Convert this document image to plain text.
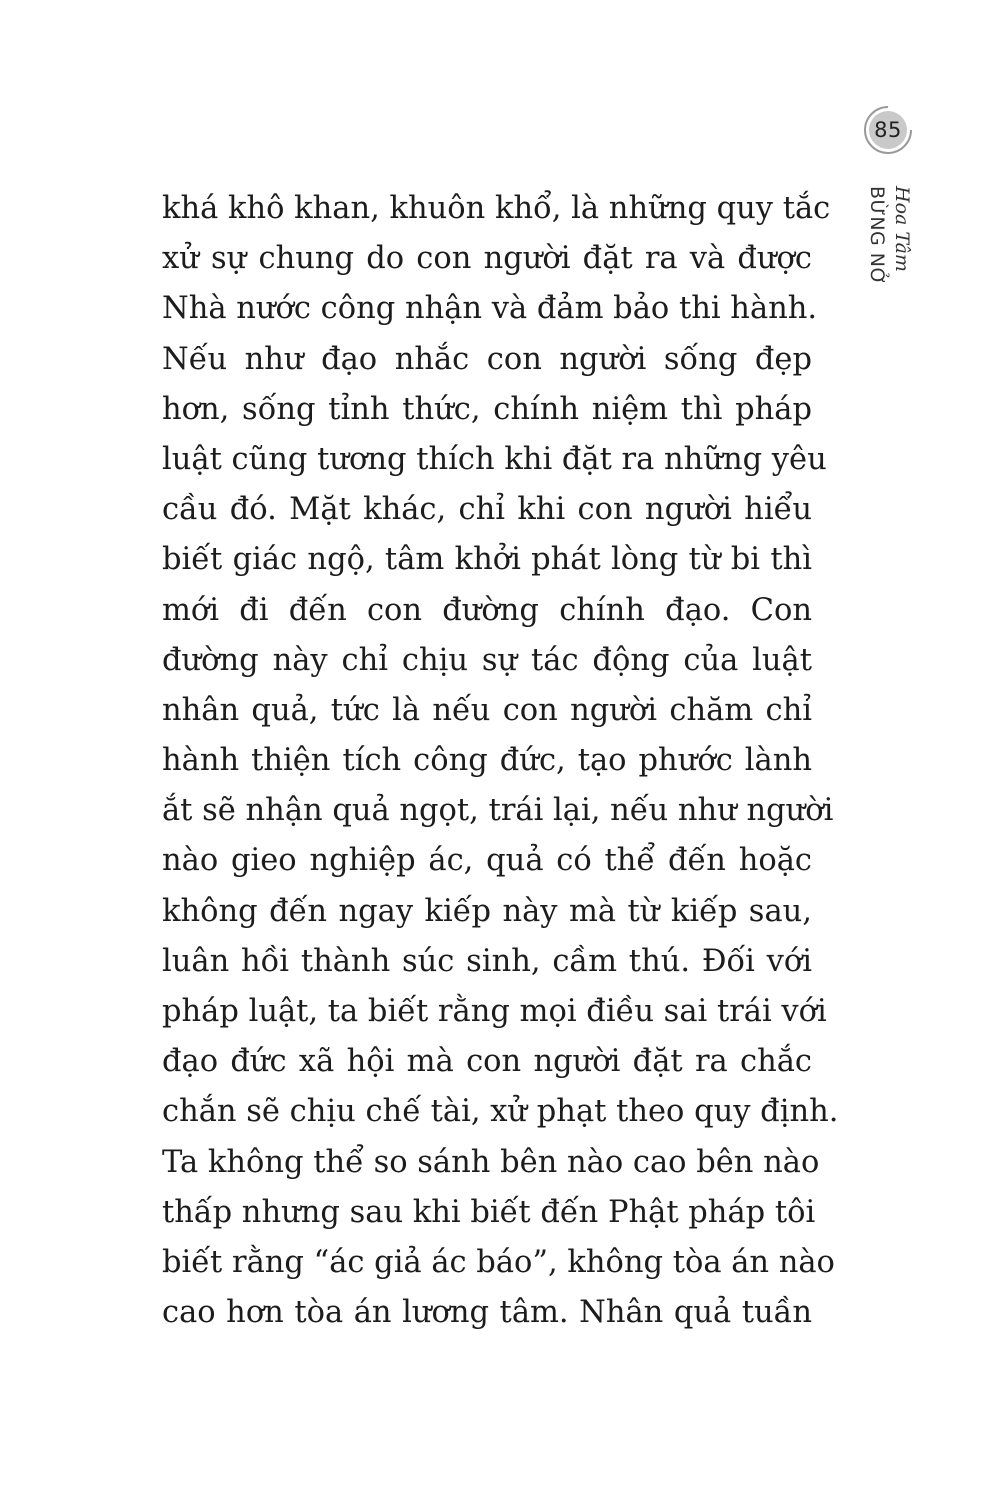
85
Hoa Tâm
BỪNG NỞ
khá khô khan, khuôn khổ, là những quy tắc
xử sự chung do con người đặt ra và được
Nhà nước công nhận và đảm bảo thi hành.
Nếu như đạo nhắc con người sống đẹp
hơn, sống tỉnh thức, chính niệm thì pháp
luật cũng tương thích khi đặt ra những yêu
cầu đó. Mặt khác, chỉ khi con người hiểu
biết giác ngộ, tâm khởi phát lòng từ bi thì
mới đi đến con đường chính đạo. Con
đường này chỉ chịu sự tác động của luật
nhân quả, tức là nếu con người chăm chỉ
hành thiện tích công đức, tạo phước lành
ắt sẽ nhận quả ngọt, trái lại, nếu như người
nào gieo nghiệp ác, quả có thể đến hoặc
không đến ngay kiếp này mà từ kiếp sau,
luân hồi thành súc sinh, cầm thú. Đối với
pháp luật, ta biết rằng mọi điều sai trái với
đạo đức xã hội mà con người đặt ra chắc
chắn sẽ chịu chế tài, xử phạt theo quy định.
Ta không thể so sánh bên nào cao bên nào
thấp nhưng sau khi biết đến Phật pháp tôi
biết rằng “ác giả ác báo”, không tòa án nào
cao hơn tòa án lương tâm. Nhân quả tuần
